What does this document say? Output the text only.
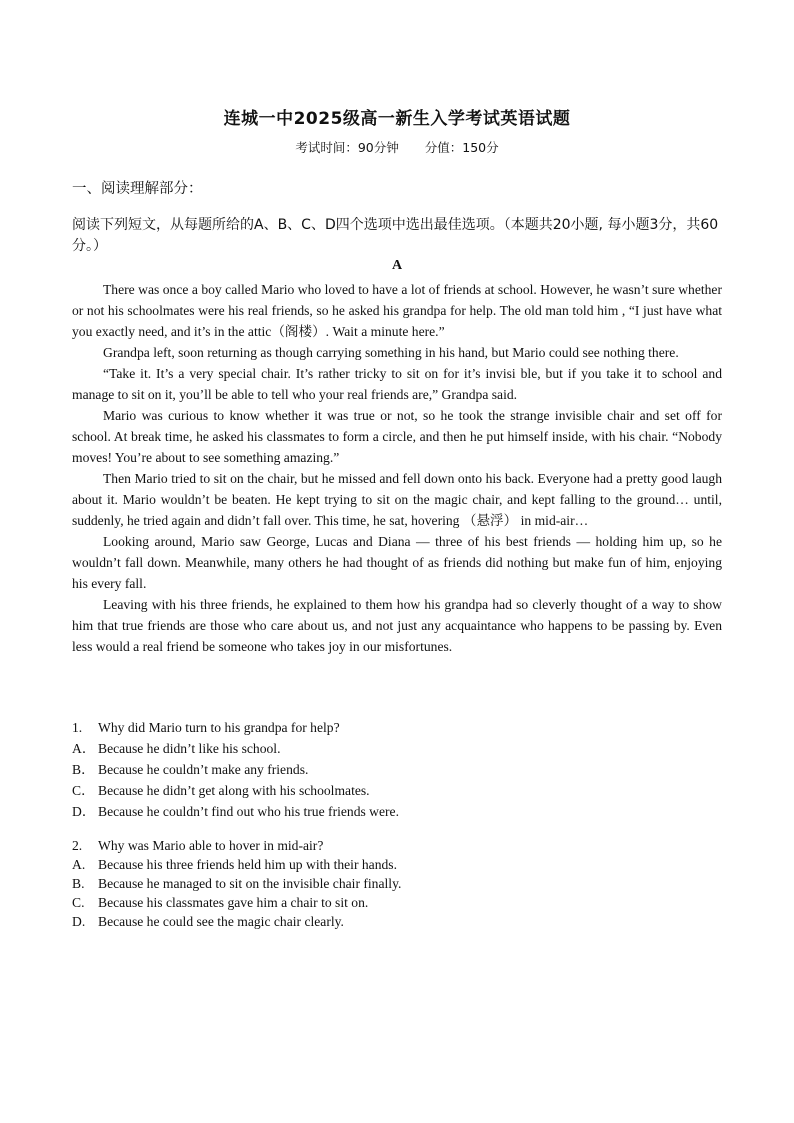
连城一中2025级高一新生入学考试英语试题
考试时间：90分钟 分值：150分
一、阅读理解部分：
阅读下列短文，从每题所给的A、B、C、D四个选项中选出最佳选项。（本题共20小题, 每小题3分，共60分。）
A

There was once a boy called Mario who loved to have a lot of friends at school. However, he wasn’t sure whether or not his schoolmates were his real friends, so he asked his grandpa for help. The old man told him , “I just have what you exactly need, and it’s in the attic（阁楼）. Wait a minute here.”

Grandpa left, soon returning as though carrying something in his hand, but Mario could see nothing there.

“Take it. It’s a very special chair. It’s rather tricky to sit on for it’s invisi ble, but if you take it to school and manage to sit on it, you’ll be able to tell who your real friends are,” Grandpa said.

Mario was curious to know whether it was true or not, so he took the strange invisible chair and set off for school. At break time, he asked his classmates to form a circle, and then he put himself inside, with his chair. “Nobody moves! You’re about to see something amazing.”

Then Mario tried to sit on the chair, but he missed and fell down onto his back. Everyone had a pretty good laugh about it. Mario wouldn’t be beaten. He kept trying to sit on the magic chair, and kept falling to the ground… until, suddenly, he tried again and didn’t fall over. This time, he sat, hovering （悬浮） in mid-air…

Looking around, Mario saw George, Lucas and Diana — three of his best friends — holding him up, so he wouldn’t fall down. Meanwhile, many others he had thought of as friends did nothing but make fun of him, enjoying his every fall.

Leaving with his three friends, he explained to them how his grandpa had so cleverly thought of a way to show him that true friends are those who care about us, and not just any acquaintance who happens to be passing by. Even less would a real friend be someone who takes joy in our misfortunes.

1. Why did Mario turn to his grandpa for help?
A． Because he didn’t like his school.
B． Because he couldn’t make any friends.
C． Because he didn’t get along with his schoolmates.
D． Because he couldn’t find out who his true friends were.
2. Why was Mario able to hover in mid-air?
A. Because his three friends held him up with their hands.
B. Because he managed to sit on the invisible chair finally.
C. Because his classmates gave him a chair to sit on.
D. Because he could see the magic chair clearly.
